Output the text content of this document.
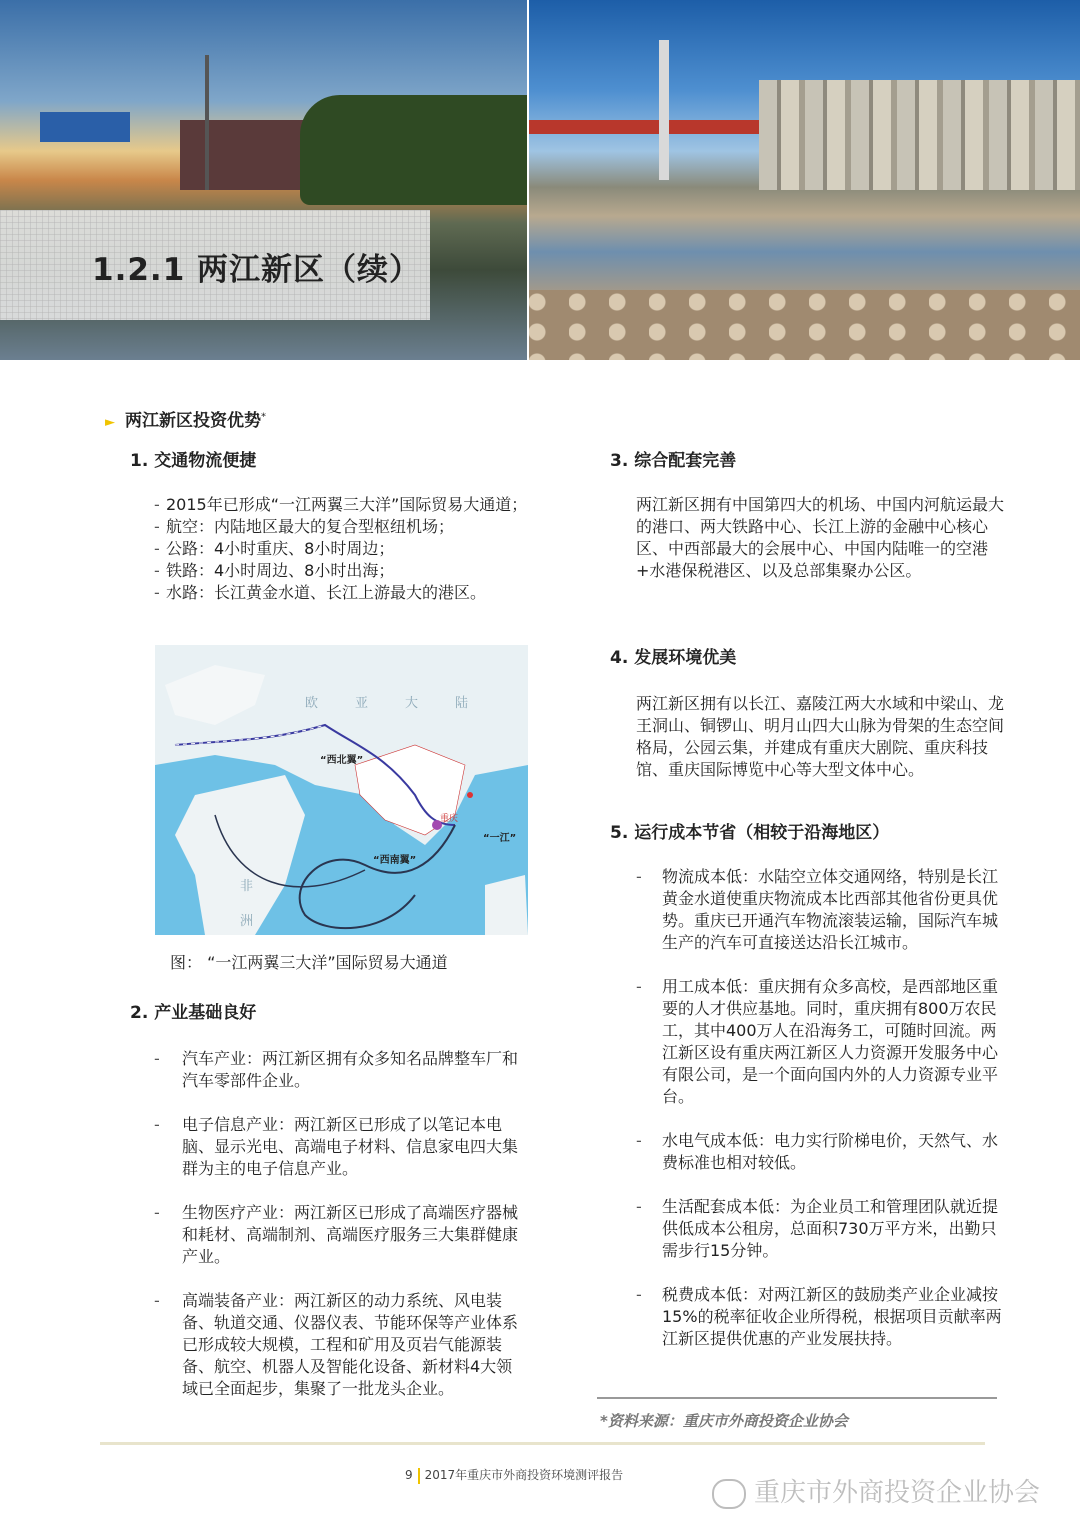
1.2.1 两江新区（续）
► 两江新区投资优势*
1. 交通物流便捷
- 2015年已形成“一江两翼三大洋”国际贸易大通道；
- 航空：内陆地区最大的复合型枢纽机场；
- 公路：4小时重庆、8小时周边；
- 铁路：4小时周边、8小时出海；
- 水路：长江黄金水道、长江上游最大的港区。
欧	亚	大	陆
非
洲
“西北翼”
重庆
“一江”
“西南翼”
图： “一江两翼三大洋”国际贸易大通道
2. 产业基础良好
- 汽车产业：两江新区拥有众多知名品牌整车厂和汽车零部件企业。
- 电子信息产业：两江新区已形成了以笔记本电脑、显示光电、高端电子材料、信息家电四大集群为主的电子信息产业。
- 生物医疗产业：两江新区已形成了高端医疗器械和耗材、高端制剂、高端医疗服务三大集群健康产业。
- 高端装备产业：两江新区的动力系统、风电装备、轨道交通、仪器仪表、节能环保等产业体系已形成较大规模，工程和矿用及页岩气能源装备、航空、机器人及智能化设备、新材料4大领域已全面起步，集聚了一批龙头企业。
3. 综合配套完善
两江新区拥有中国第四大的机场、中国内河航运最大的港口、两大铁路中心、长江上游的金融中心核心区、中西部最大的会展中心、中国内陆唯一的空港+水港保税港区、以及总部集聚办公区。
4. 发展环境优美
两江新区拥有以长江、嘉陵江两大水域和中梁山、龙王洞山、铜锣山、明月山四大山脉为骨架的生态空间格局，公园云集，并建成有重庆大剧院、重庆科技馆、重庆国际博览中心等大型文体中心。
5. 运行成本节省（相较于沿海地区）
- 物流成本低：水陆空立体交通网络，特别是长江黄金水道使重庆物流成本比西部其他省份更具优势。重庆已开通汽车物流滚装运输，国际汽车城生产的汽车可直接送达沿长江城市。
- 用工成本低：重庆拥有众多高校，是西部地区重要的人才供应基地。同时，重庆拥有800万农民工，其中400万人在沿海务工，可随时回流。两江新区设有重庆两江新区人力资源开发服务中心有限公司，是一个面向国内外的人力资源专业平台。
- 水电气成本低：电力实行阶梯电价，天然气、水费标准也相对较低。
- 生活配套成本低：为企业员工和管理团队就近提供低成本公租房，总面积730万平方米，出勤只需步行15分钟。
- 税费成本低：对两江新区的鼓励类产业企业减按15%的税率征收企业所得税，根据项目贡献率两江新区提供优惠的产业发展扶持。
*资料来源：重庆市外商投资企业协会
9 2017年重庆市外商投资环境测评报告
重庆市外商投资企业协会
